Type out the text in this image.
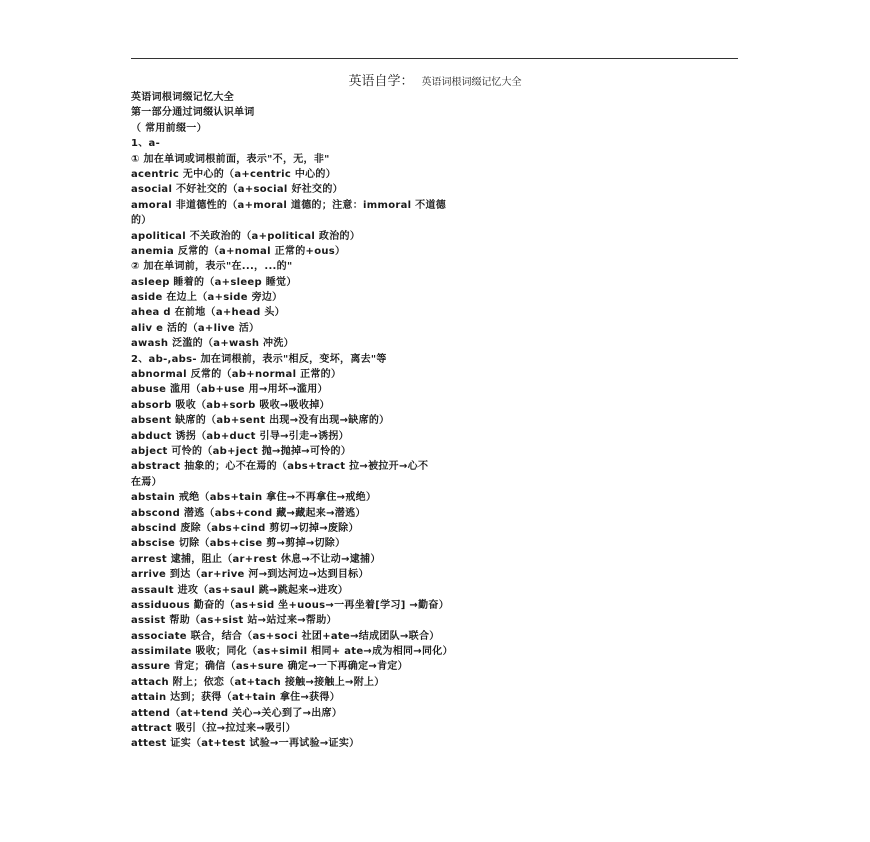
英语自学： 英语词根词缀记忆大全
英语词根词缀记忆大全
第一部分通过词缀认识单词
（ 常用前缀一）
1、a-
① 加在单词或词根前面，表示"不，无，非"
acentric 无中心的（a+centric 中心的）
asocial 不好社交的（a+social 好社交的）
amoral 非道德性的（a+moral 道德的；注意：immoral 不道德
的）
apolitical 不关政治的（a+political 政治的）
anemia 反常的（a+nomal 正常的+ous）
② 加在单词前，表示"在...，...的"
asleep 睡着的（a+sleep 睡觉）
aside 在边上（a+side 旁边）
ahea d 在前地（a+head 头）
aliv e 活的（a+live 活）
awash 泛滥的（a+wash 冲洗）
2、ab-,abs- 加在词根前，表示"相反，变坏，离去"等
abnormal 反常的（ab+normal 正常的）
abuse 滥用（ab+use 用→用坏→滥用）
absorb 吸收（ab+sorb 吸收→吸收掉）
absent 缺席的（ab+sent 出现→没有出现→缺席的）
abduct 诱拐（ab+duct 引导→引走→诱拐）
abject 可怜的（ab+ject 抛→抛掉→可怜的）
abstract 抽象的；心不在焉的（abs+tract 拉→被拉开→心不
在焉）
abstain 戒绝（abs+tain 拿住→不再拿住→戒绝）
abscond 潜逃（abs+cond 藏→藏起来→潜逃）
abscind 废除（abs+cind 剪切→切掉→废除）
abscise 切除（abs+cise 剪→剪掉→切除）
arrest 逮捕，阻止（ar+rest 休息→不让动→逮捕）
arrive 到达（ar+rive 河→到达河边→达到目标）
assault 进攻（as+saul 跳→跳起来→进攻）
assiduous 勤奋的（as+sid 坐+uous→一再坐着[学习] →勤奋）
assist 帮助（as+sist 站→站过来→帮助）
associate 联合，结合（as+soci 社团+ate→结成团队→联合）
assimilate 吸收；同化（as+simil 相同+ ate→成为相同→同化）
assure 肯定；确信（as+sure 确定→一下再确定→肯定）
attach 附上；依恋（at+tach 接触→接触上→附上）
attain 达到；获得（at+tain 拿住→获得）
attend（at+tend 关心→关心到了→出席）
attract 吸引（拉→拉过来→吸引）
attest 证实（at+test 试验→一再试验→证实）
